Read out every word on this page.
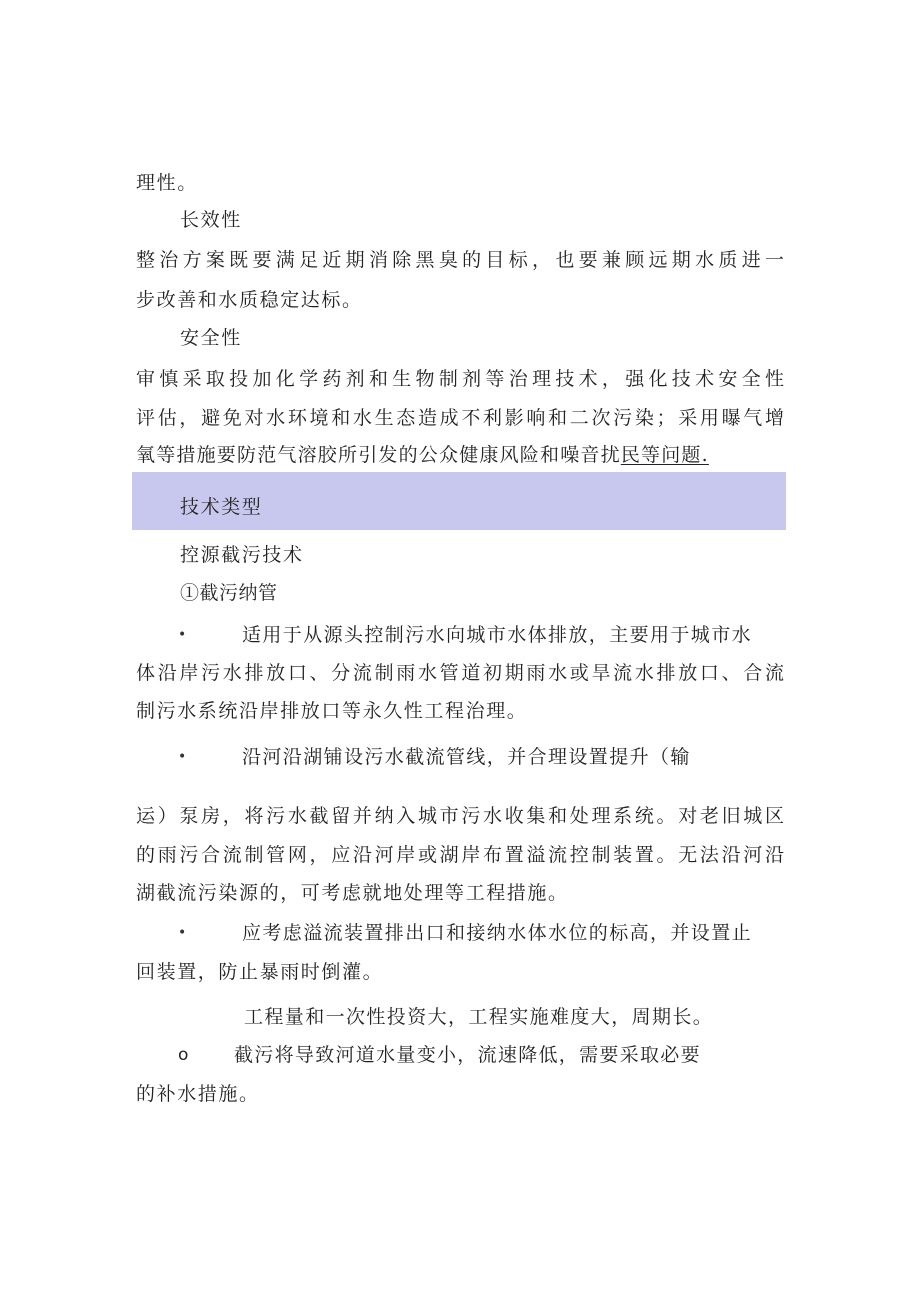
理性。
长效性
整治方案既要满足近期消除黑臭的目标，也要兼顾远期水质进一
步改善和水质稳定达标。
安全性
审慎采取投加化学药剂和生物制剂等治理技术，强化技术安全性
评估，避免对水环境和水生态造成不利影响和二次污染；采用曝气增
氧等措施要防范气溶胶所引发的公众健康风险和噪音扰民等问题.
技术类型
控源截污技术
①截污纳管
•	适用于从源头控制污水向城市水体排放，主要用于城市水
体沿岸污水排放口、分流制雨水管道初期雨水或旱流水排放口、合流
制污水系统沿岸排放口等永久性工程治理。
•	沿河沿湖铺设污水截流管线，并合理设置提升（输
运）泵房，将污水截留并纳入城市污水收集和处理系统。对老旧城区
的雨污合流制管网，应沿河岸或湖岸布置溢流控制装置。无法沿河沿
湖截流污染源的，可考虑就地处理等工程措施。
•	应考虑溢流装置排出口和接纳水体水位的标高，并设置止
回装置，防止暴雨时倒灌。
工程量和一次性投资大，工程实施难度大，周期长。
o 截污将导致河道水量变小，流速降低，需要采取必要
的补水措施。
